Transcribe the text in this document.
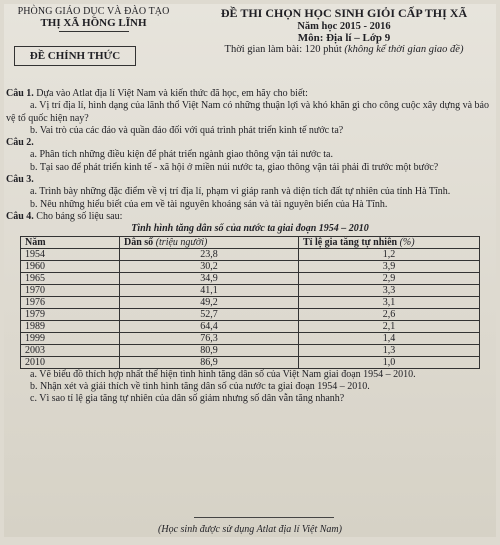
PHÒNG GIÁO DỤC VÀ ĐÀO TẠO
THỊ XÃ HỒNG LĨNH
ĐỀ CHÍNH THỨC
ĐỀ THI CHỌN HỌC SINH GIỎI CẤP THỊ XÃ
Năm học 2015 - 2016
Môn: Địa lí – Lớp 9
Thời gian làm bài: 120 phút (không kể thời gian giao đề)

Câu 1. Dựa vào Atlat địa lí Việt Nam và kiến thức đã học, em hãy cho biết:

a. Vị trí địa lí, hình dạng của lãnh thổ Việt Nam có những thuận lợi và khó khăn gì cho công cuộc xây dựng và bảo vệ tổ quốc hiện nay?

b. Vai trò của các đảo và quần đảo đối với quá trình phát triển kinh tế nước ta?

Câu 2.

a. Phân tích những điều kiện để phát triển ngành giao thông vận tải nước ta.

b. Tại sao để phát triển kinh tế - xã hội ở miền núi nước ta, giao thông vận tải phải đi trước một bước?

Câu 3.

a. Trình bày những đặc điểm về vị trí địa lí, phạm vi giáp ranh và diện tích đất tự nhiên của tỉnh Hà Tĩnh.

b. Nêu những hiểu biết của em về tài nguyên khoáng sản và tài nguyên biển của Hà Tĩnh.

Câu 4. Cho bảng số liệu sau:

Tình hình tăng dân số của nước ta giai đoạn 1954 – 2010

Năm	Dân số (triệu người)	Tỉ lệ gia tăng tự nhiên (%)
1954	23,8	1,2
1960	30,2	3,9
1965	34,9	2,9
1970	41,1	3,3
1976	49,2	3,1
1979	52,7	2,6
1989	64,4	2,1
1999	76,3	1,4
2003	80,9	1,3
2010	86,9	1,0

a. Vẽ biểu đồ thích hợp nhất thể hiện tình hình tăng dân số của Việt Nam giai đoạn 1954 – 2010.

b. Nhận xét và giải thích về tình hình tăng dân số của nước ta giai đoạn 1954 – 2010.

c. Vì sao tỉ lệ gia tăng tự nhiên của dân số giảm nhưng số dân vẫn tăng nhanh?

(Học sinh được sử dụng Atlat địa lí Việt Nam)
